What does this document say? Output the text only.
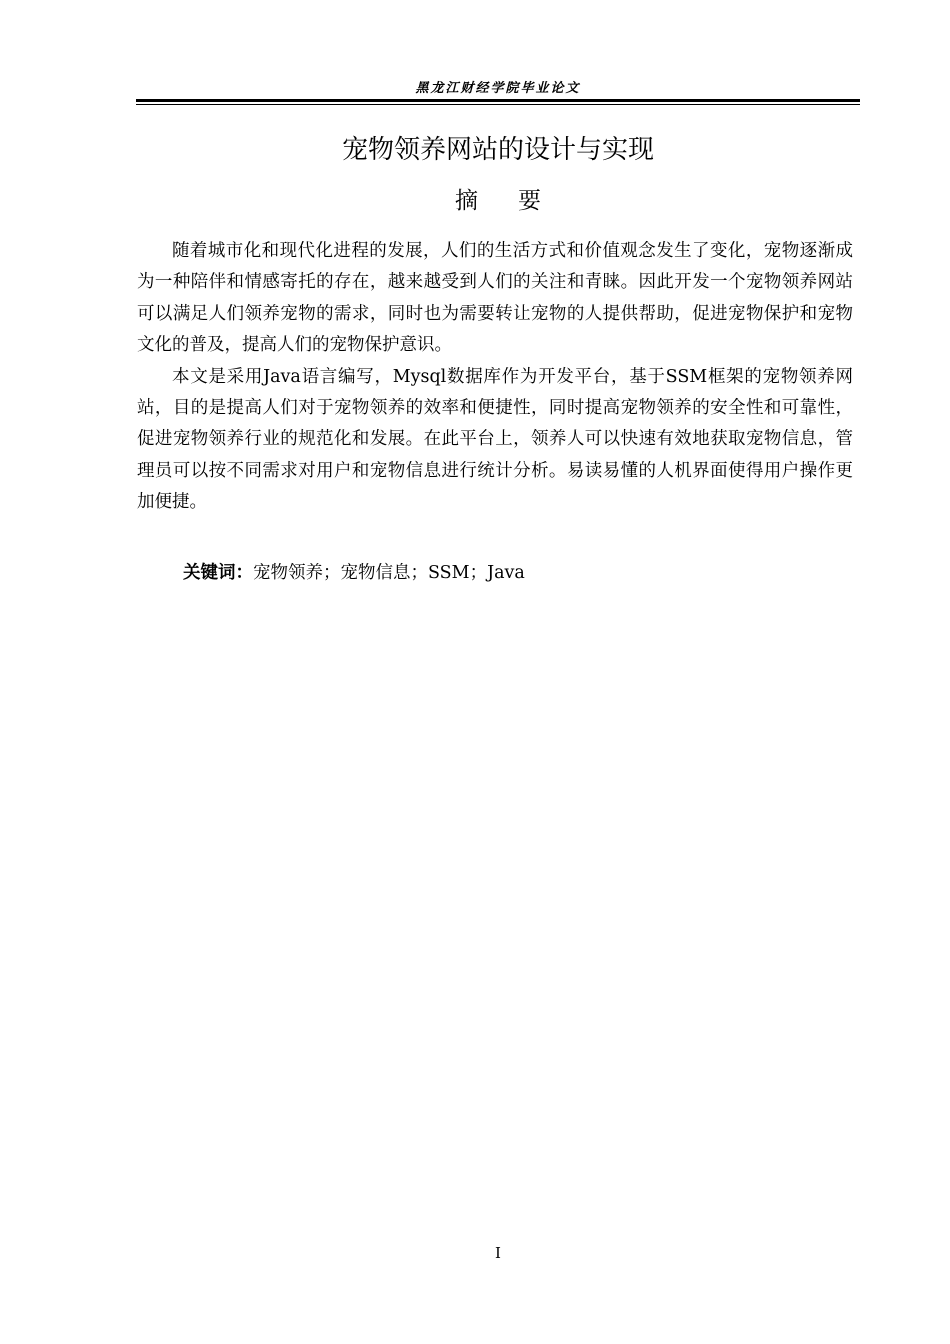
黑龙江财经学院毕业论文
宠物领养网站的设计与实现
摘要

随着城市化和现代化进程的发展，人们的生活方式和价值观念发生了变化，宠物逐渐成为一种陪伴和情感寄托的存在，越来越受到人们的关注和青睐。因此开发一个宠物领养网站可以满足人们领养宠物的需求，同时也为需要转让宠物的人提供帮助，促进宠物保护和宠物文化的普及，提高人们的宠物保护意识。

本文是采用Java语言编写，Mysql数据库作为开发平台，基于SSM框架的宠物领养网站，目的是提高人们对于宠物领养的效率和便捷性，同时提高宠物领养的安全性和可靠性，促进宠物领养行业的规范化和发展。在此平台上，领养人可以快速有效地获取宠物信息，管理员可以按不同需求对用户和宠物信息进行统计分析。易读易懂的人机界面使得用户操作更加便捷。

关键词：宠物领养；宠物信息；SSM；Java
I
